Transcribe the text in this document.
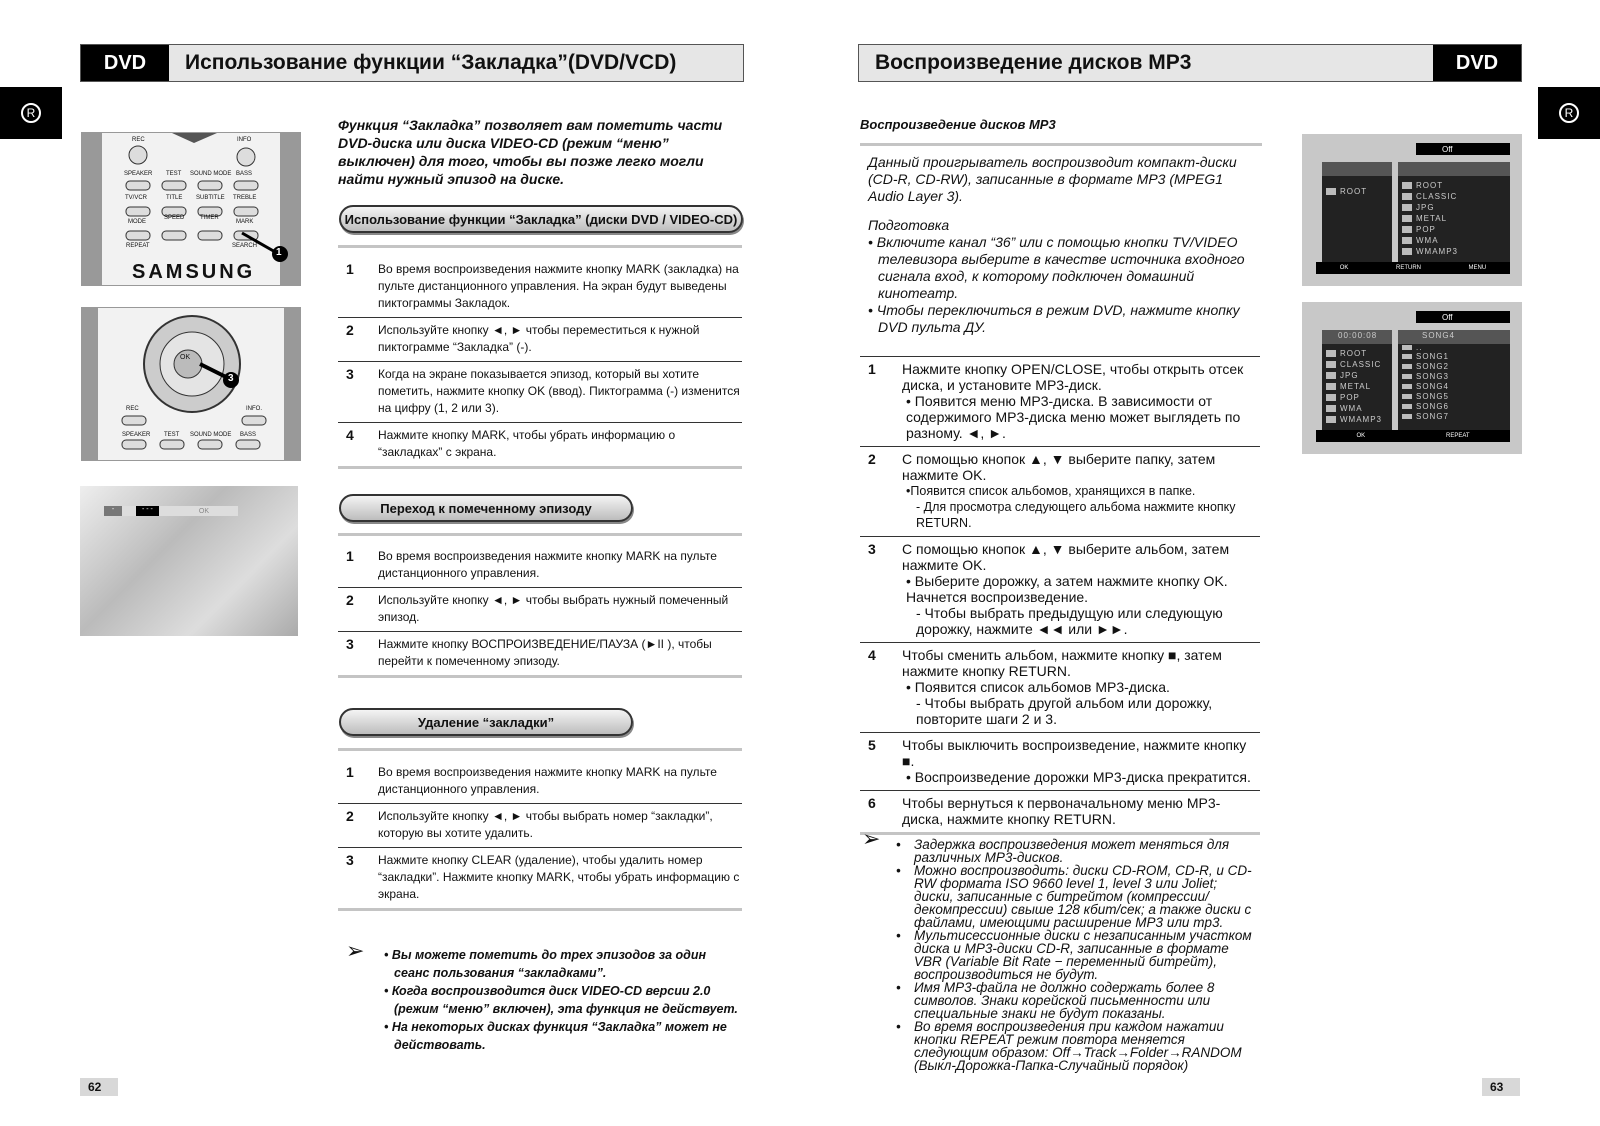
DVD	Использование функции “Закладка”(DVD/VCD)
R
1
SAMSUNG
REC	INFO
SPEAKER TEST SOUND MODE BASS
TV/VCR	TITLE SUBTITLE TREBLE
MODE
SPEED	TIMER
MARK
REPEAT	SEARCH
OK
3
REC	INFO.
SPEAKER TEST SOUND MODE BASS
-	- - -	OK
Функция “Закладка” позволяет вам пометить части DVD-диска или диска VIDEO-CD (режим “меню” выключен) для того, чтобы вы позже легко могли найти нужный эпизод на диске.
Использование функции “Закладка” (диски DVD / VIDEO-CD)
1	Во время воспроизведения нажмите кнопку MARK (закладка) на пульте дистанционного управления. На экран будут выведены пиктограммы Закладок.
2	Используйте кнопку ◄, ► чтобы переместиться к нужной пиктограмме “Закладка” (-).
3	Когда на экране показывается эпизод, который вы хотите пометить, нажмите кнопку OK (ввод). Пиктограмма (-) изменится на цифру (1, 2 или 3).
4	Нажмите кнопку MARK, чтобы убрать информацию о “закладках” с экрана.
Переход к помеченному эпизоду
1	Во время воспроизведения нажмите кнопку MARK на пульте дистанционного управления.
2	Используйте кнопку ◄, ► чтобы выбрать нужный помеченный эпизод.
3	Нажмите кнопку ВОСПРОИЗВЕДЕНИЕ/ПАУЗА (►II ), чтобы перейти к помеченному эпизоду.
Удаление “закладки”
1	Во время воспроизведения нажмите кнопку MARK на пульте дистанционного управления.
2	Используйте кнопку ◄, ► чтобы выбрать номер “закладки”, которую вы хотите удалить.
3	Нажмите кнопку CLEAR (удаление), чтобы удалить номер “закладки”. Нажмите кнопку MARK, чтобы убрать информацию с экрана.
➢	• Вы можете пометить до трех эпизодов за один сеанс пользования “закладками”.
• Когда воспроизводится диск VIDEO-CD версии 2.0 (режим “меню” включен), эта функция не действует.
• На некоторых дисках функция “Закладка” может не действовать.
62
Воспроизведение дисков MP3	DVD
R
Воспроизведение дисков MP3
Данный проигрыватель воспроизводит компакт-диски (CD-R, CD-RW), записанные в формате MP3 (MPEG1 Audio Layer 3).
Подготовка
• Включите канал “36” или с помощью кнопки TV/VIDEO телевизора выберите в качестве источника входного сигнала вход, к которому подключен домашний кинотеатр.
• Чтобы переключиться в режим DVD, нажмите кнопку DVD пульта ДУ.
1	Нажмите кнопку OPEN/CLOSE, чтобы открыть отсек диска, и установите MP3-диск.
• Появится меню MP3-диска. В зависимости от содержимого MP3-диска меню может выглядеть по разному. ◄, ►.
2	С помощью кнопок ▲, ▼ выберите папку, затем нажмите OK.
•Появится список альбомов, хранящихся в папке.
- Для просмотра следующего альбома нажмите кнопку RETURN.
3	С помощью кнопок ▲, ▼ выберите альбом, затем нажмите OK.
• Выберите дорожку, а затем нажмите кнопку OK. Начнется воспроизведение.
- Чтобы выбрать предыдущую или следующую дорожку, нажмите ◄◄ или ►►.
4	Чтобы сменить альбом, нажмите кнопку ■, затем нажмите кнопку RETURN.
• Появится список альбомов MP3-диска.
- Чтобы выбрать другой альбом или дорожку, повторите шаги 2 и 3.
5	Чтобы выключить воспроизведение, нажмите кнопку ■.
• Воспроизведение дорожки MP3-диска прекратится.
6	Чтобы вернуться к первоначальному меню MP3-диска, нажмите кнопку RETURN.
➢ • Задержка воспроизведения может меняться для различных MP3-дисков.
• Можно воспроизводить: диски CD-ROM, CD-R, и CD-RW формата ISO 9660 level 1, level 3 или Joliet; диски, записанные с битрейтом (компрессии/декомпрессии) свыше 128 кбит/сек; а также диски с файлами, имеющими расширение MP3 или mp3.
• Мультисессионные диски с незаписанным участком диска и MP3-диски CD-R, записанные в формате VBR (Variable Bit Rate − переменный битрейт), воспроизводиться не будут.
• Имя MP3-файла не должно содержать более 8 символов. Знаки корейской письменности или специальные знаки не будут показаны.
• Во время воспроизведения при каждом нажатии кнопки REPEAT режим повтора меняется следующим образом: Off→Track→Folder→RANDOM (Выкл-Дорожка-Папка-Случайный порядок)
63
Off
ROOT
ROOT
CLASSIC
JPG
METAL
POP
WMA
WMAMP3
OK	RETURN	MENU
Off
00:00:08
ROOT
CLASSIC
JPG
METAL
POP
WMA
WMAMP3
SONG4
..
SONG1
SONG2
SONG3
SONG4
SONG5
SONG6
SONG7
OK	REPEAT
